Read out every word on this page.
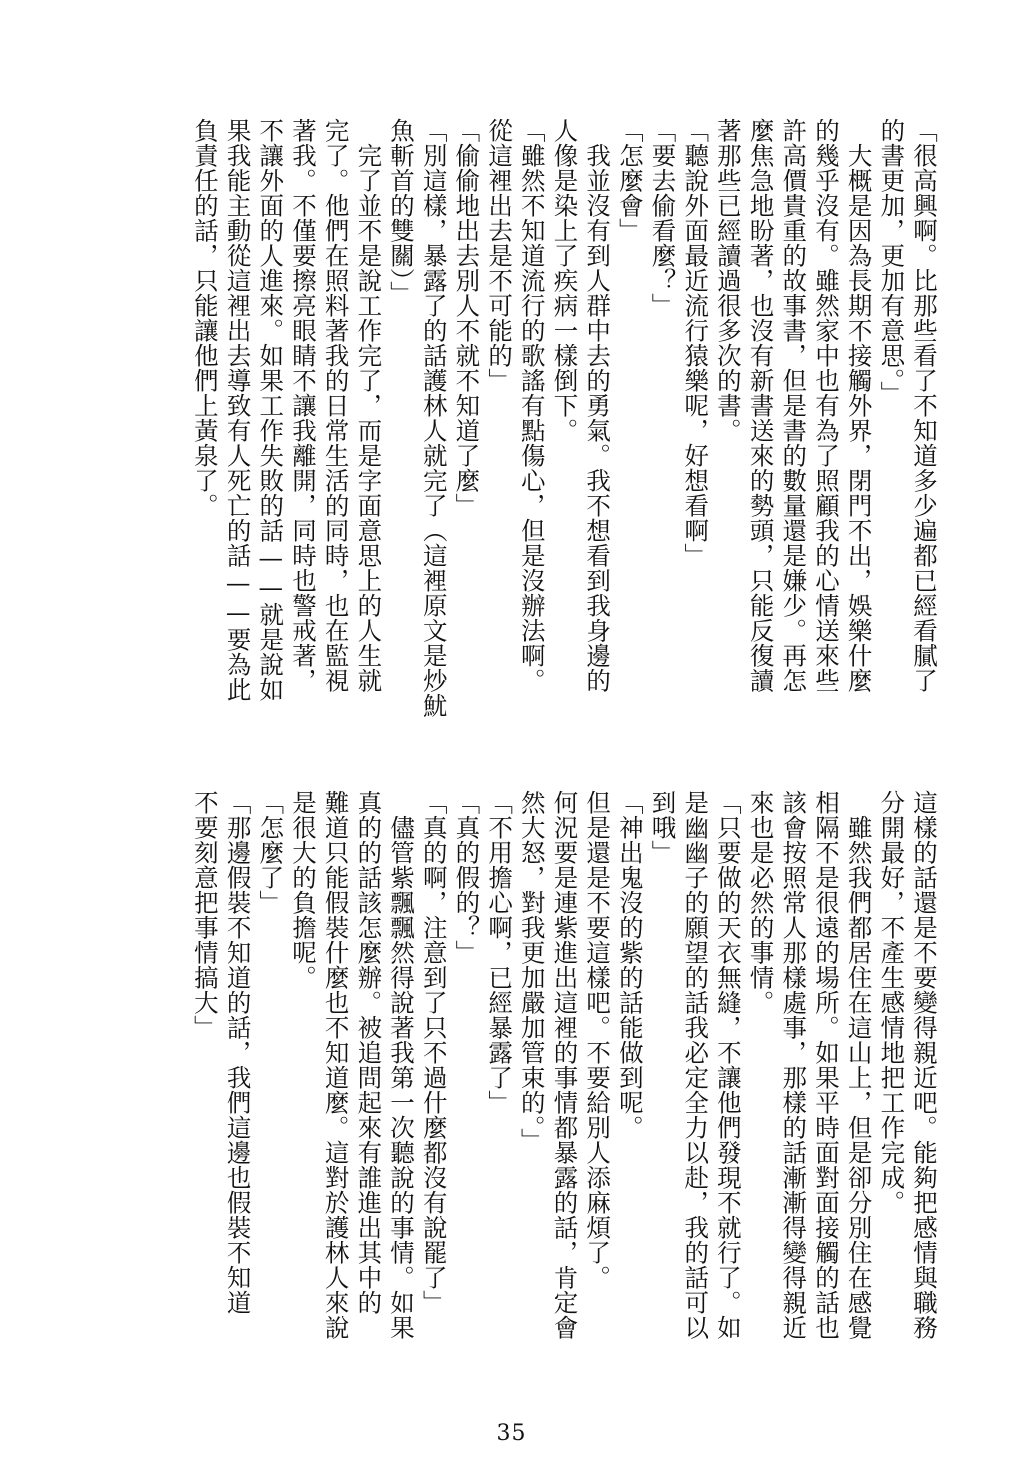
「很高興啊。比那些看了不知道多少遍都已經看膩了
的書更加，更加有意思。」
　大概是因為長期不接觸外界，閉門不出，娛樂什麼
的幾乎沒有。雖然家中也有為了照顧我的心情送來些
許高價貴重的故事書，但是書的數量還是嫌少。再怎
麼焦急地盼著，也沒有新書送來的勢頭，只能反復讀
著那些已經讀過很多次的書。
「聽說外面最近流行猿樂呢，好想看啊」
「要去偷看麼？」
「怎麼會」
　我並沒有到人群中去的勇氣。我不想看到我身邊的
人像是染上了疾病一樣倒下。
「雖然不知道流行的歌謠有點傷心，但是沒辦法啊。
從這裡出去是不可能的」
「偷偷地出去別人不就不知道了麼」
「別這樣，暴露了的話護林人就完了（這裡原文是炒魷
魚斬首的雙關）」
　完了並不是說工作完了，而是字面意思上的人生就
完了。他們在照料著我的日常生活的同時，也在監視
著我。不僅要擦亮眼睛不讓我離開，同時也警戒著，
不讓外面的人進來。如果工作失敗的話——就是說如
果我能主動從這裡出去導致有人死亡的話——要為此
負責任的話，只能讓他們上黃泉了。
這樣的話還是不要變得親近吧。能夠把感情與職務
分開最好，不產生感情地把工作完成。
　雖然我們都居住在這山上，但是卻分別住在感覺
相隔不是很遠的場所。如果平時面對面接觸的話也
該會按照常人那樣處事，那樣的話漸漸得變得親近
來也是必然的事情。
「只要做的天衣無縫，不讓他們發現不就行了。如
是幽幽子的願望的話我必定全力以赴，我的話可以
到哦」
「神出鬼沒的紫的話能做到呢。
但是還是不要這樣吧。不要給別人添麻煩了。
何況要是連紫進出這裡的事情都暴露的話，肯定會
然大怒，對我更加嚴加管束的。」
「不用擔心啊，已經暴露了」
「真的假的？」
「真的啊，注意到了只不過什麼都沒有說罷了」
　儘管紫飄飄然得說著我第一次聽說的事情。如果
真的的話該怎麼辦。被追問起來有誰進出其中的
難道只能假裝什麼也不知道麼。這對於護林人來說
是很大的負擔呢。
「怎麼了」
「那邊假裝不知道的話，我們這邊也假裝不知道
不要刻意把事情搞大」
35
